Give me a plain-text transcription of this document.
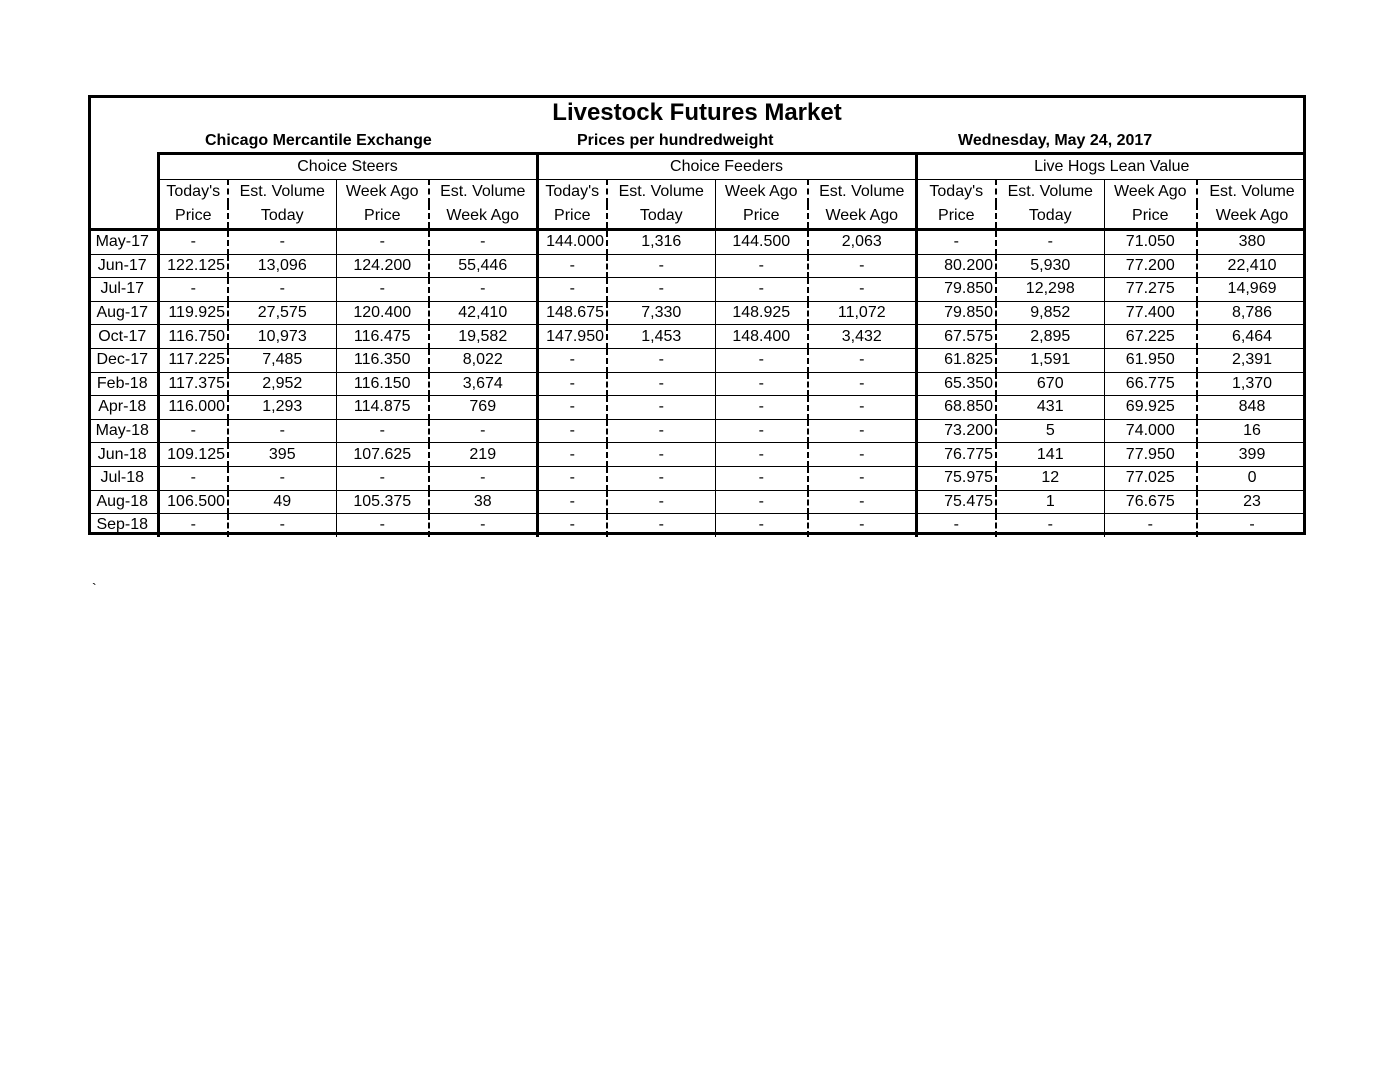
Livestock Futures Market
Chicago Mercantile Exchange	Prices per hundredweight	Wednesday, May 24, 2017
	Choice Steers				Choice Feeders				Live Hogs Lean Value			
	Today's	Est. Volume	Week Ago	Est. Volume	Today's	Est. Volume	Week Ago	Est. Volume	Today's	Est. Volume	Week Ago	Est. Volume
	Price	Today	Price	Week Ago	Price	Today	Price	Week Ago	Price	Today	Price	Week Ago
May-17	-	-	-	-	144.000	1,316	144.500	2,063	-	-	71.050	380
Jun-17	122.125	13,096	124.200	55,446	-	-	-	-	80.200	5,930	77.200	22,410
Jul-17	-	-	-	-	-	-	-	-	79.850	12,298	77.275	14,969
Aug-17	119.925	27,575	120.400	42,410	148.675	7,330	148.925	11,072	79.850	9,852	77.400	8,786
Oct-17	116.750	10,973	116.475	19,582	147.950	1,453	148.400	3,432	67.575	2,895	67.225	6,464
Dec-17	117.225	7,485	116.350	8,022	-	-	-	-	61.825	1,591	61.950	2,391
Feb-18	117.375	2,952	116.150	3,674	-	-	-	-	65.350	670	66.775	1,370
Apr-18	116.000	1,293	114.875	769	-	-	-	-	68.850	431	69.925	848
May-18	-	-	-	-	-	-	-	-	73.200	5	74.000	16
Jun-18	109.125	395	107.625	219	-	-	-	-	76.775	141	77.950	399
Jul-18	-	-	-	-	-	-	-	-	75.975	12	77.025	0
Aug-18	106.500	49	105.375	38	-	-	-	-	75.475	1	76.675	23
Sep-18	-	-	-	-	-	-	-	-	-	-	-	-
`
